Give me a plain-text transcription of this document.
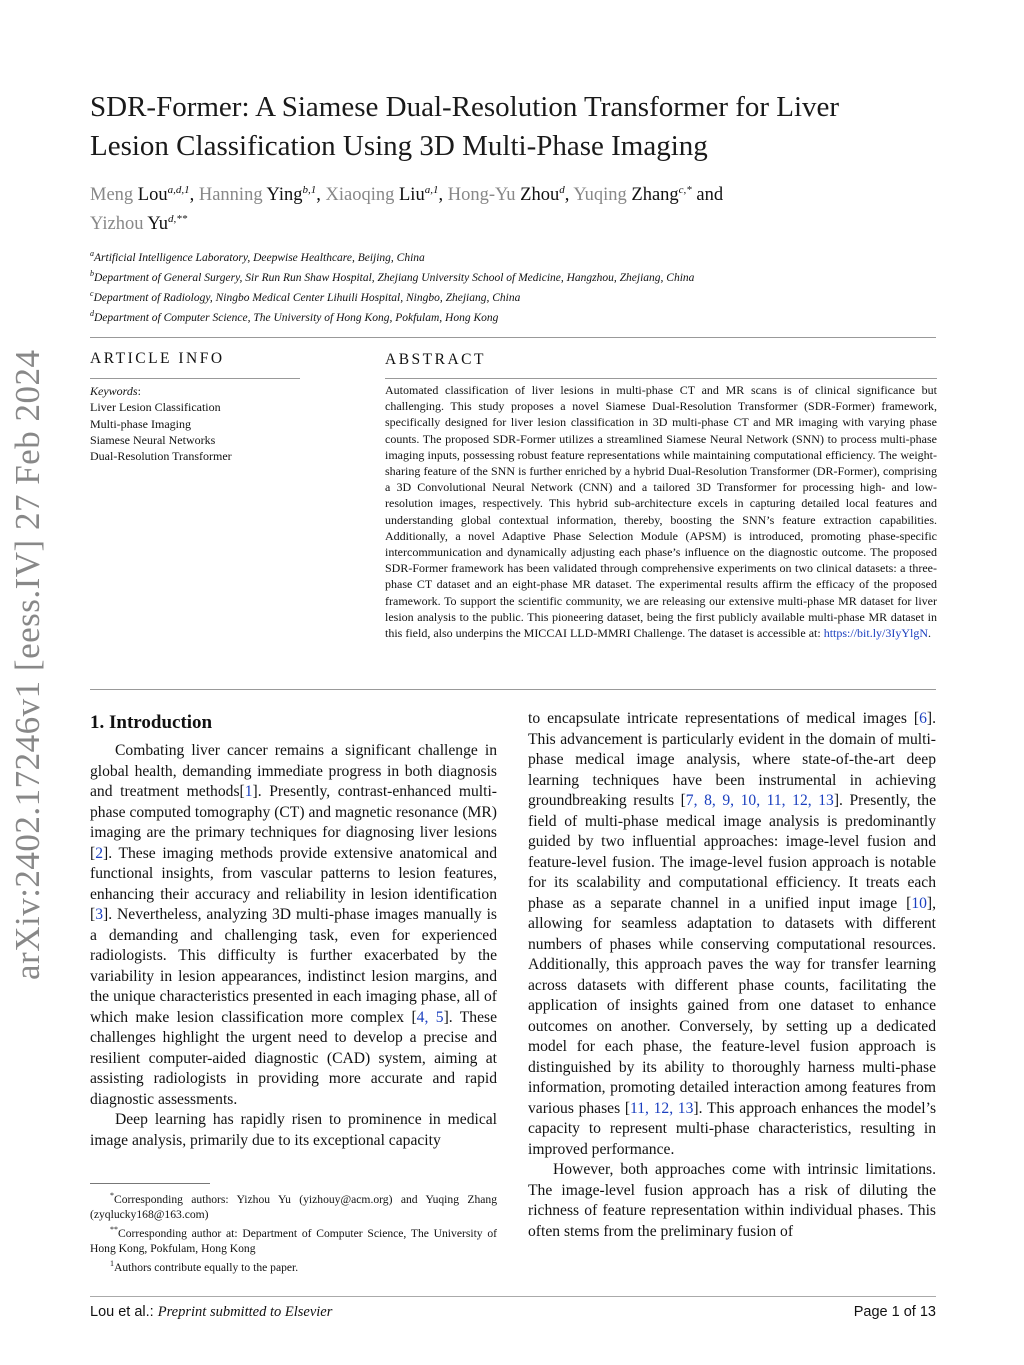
arXiv:2402.17246v1 [eess.IV] 27 Feb 2024
SDR-Former: A Siamese Dual-Resolution Transformer for Liver Lesion Classification Using 3D Multi-Phase Imaging
Meng Lou$^{a,d,1}$, Hanning Ying$^{b,1}$, Xiaoqing Liu$^{a,1}$, Hong-Yu Zhou$^d$, Yuqing Zhang$^{c,*}$ and
Yizhou $Yu^{d,**}$
$^a$Artificial Intelligence Laboratory, Deepwise Healthcare, Beijing, China
$^b$Department of General Surgery, Sir Run Run Shaw Hospital, Zhejiang University School of Medicine, Hangzhou, Zhejiang, China
$^c$Department of Radiology, Ningbo Medical Center Lihuili Hospital, Ningbo, Zhejiang, China
$^d$Department of Computer Science, The University of Hong Kong, Pokfulam, Hong Kong
ARTICLE INFO
Keywords:
Liver Lesion Classification
Multi-phase Imaging
Siamese Neural Networks
Dual-Resolution Transformer
ABSTRACT
Automated classification of liver lesions in multi-phase CT and MR scans is of clinical significance but challenging. This study proposes a novel Siamese Dual-Resolution Transformer (SDR-Former) framework, specifically designed for liver lesion classification in 3D multi-phase CT and MR imaging with varying phase counts. The proposed SDR-Former utilizes a streamlined Siamese Neural Network (SNN) to process multi-phase imaging inputs, possessing robust feature representations while maintaining computational efficiency. The weight-sharing feature of the SNN is further enriched by a hybrid Dual-Resolution Transformer (DR-Former), comprising a 3D Convolutional Neural Network (CNN) and a tailored 3D Transformer for processing high- and low-resolution images, respectively. This hybrid sub-architecture excels in capturing detailed local features and understanding global contextual information, thereby, boosting the SNN’s feature extraction capabilities. Additionally, a novel Adaptive Phase Selection Module (APSM) is introduced, promoting phase-specific intercommunication and dynamically adjusting each phase’s influence on the diagnostic outcome. The proposed SDR-Former framework has been validated through comprehensive experiments on two clinical datasets: a three-phase CT dataset and an eight-phase MR dataset. The experimental results affirm the efficacy of the proposed framework. To support the scientific community, we are releasing our extensive multi-phase MR dataset for liver lesion analysis to the public. This pioneering dataset, being the first publicly available multi-phase MR dataset in this field, also underpins the MICCAI LLD-MMRI Challenge. The dataset is accessible at: https://bit.ly/3IyYlgN.
1. Introduction

Combating liver cancer remains a significant challenge in global health, demanding immediate progress in both diagnosis and treatment methods[1]. Presently, contrast-enhanced multi-phase computed tomography (CT) and magnetic resonance (MR) imaging are the primary techniques for diagnosing liver lesions [2]. These imaging methods provide extensive anatomical and functional insights, from vascular patterns to lesion features, enhancing their accuracy and reliability in lesion identification [3]. Nevertheless, analyzing 3D multi-phase images manually is a demanding and challenging task, even for experienced radiologists. This difficulty is further exacerbated by the variability in lesion appearances, indistinct lesion margins, and the unique characteristics presented in each imaging phase, all of which make lesion classification more complex [4, 5]. These challenges highlight the urgent need to develop a precise and resilient computer-aided diagnostic (CAD) system, aiming at assisting radiologists in providing more accurate and rapid diagnostic assessments.

Deep learning has rapidly risen to prominence in medical image analysis, primarily due to its exceptional capacity

*Corresponding authors: Yizhou Yu (yizhouy@acm.org) and Yuqing Zhang (zyqlucky168@163.com)

**Corresponding author at: Department of Computer Science, The University of Hong Kong, Pokfulam, Hong Kong

$^1$Authors contribute equally to the paper.

to encapsulate intricate representations of medical images [6]. This advancement is particularly evident in the domain of multi-phase medical image analysis, where state-of-the-art deep learning techniques have been instrumental in achieving groundbreaking results [7, 8, 9, 10, 11, 12, 13]. Presently, the field of multi-phase medical image analysis is predominantly guided by two influential approaches: image-level fusion and feature-level fusion. The image-level fusion approach is notable for its scalability and computational efficiency. It treats each phase as a separate channel in a unified input image [10], allowing for seamless adaptation to datasets with different numbers of phases while conserving computational resources. Additionally, this approach paves the way for transfer learning across datasets with different phase counts, facilitating the application of insights gained from one dataset to enhance outcomes on another. Conversely, by setting up a dedicated model for each phase, the feature-level fusion approach is distinguished by its ability to thoroughly harness multi-phase information, promoting detailed interaction among features from various phases [11, 12, 13]. This approach enhances the model’s capacity to represent multi-phase characteristics, resulting in improved performance.

However, both approaches come with intrinsic limitations. The image-level fusion approach has a risk of diluting the richness of feature representation within individual phases. This often stems from the preliminary fusion of

Lou et al.: Preprint submitted to Elsevier	Page 1 of 13
